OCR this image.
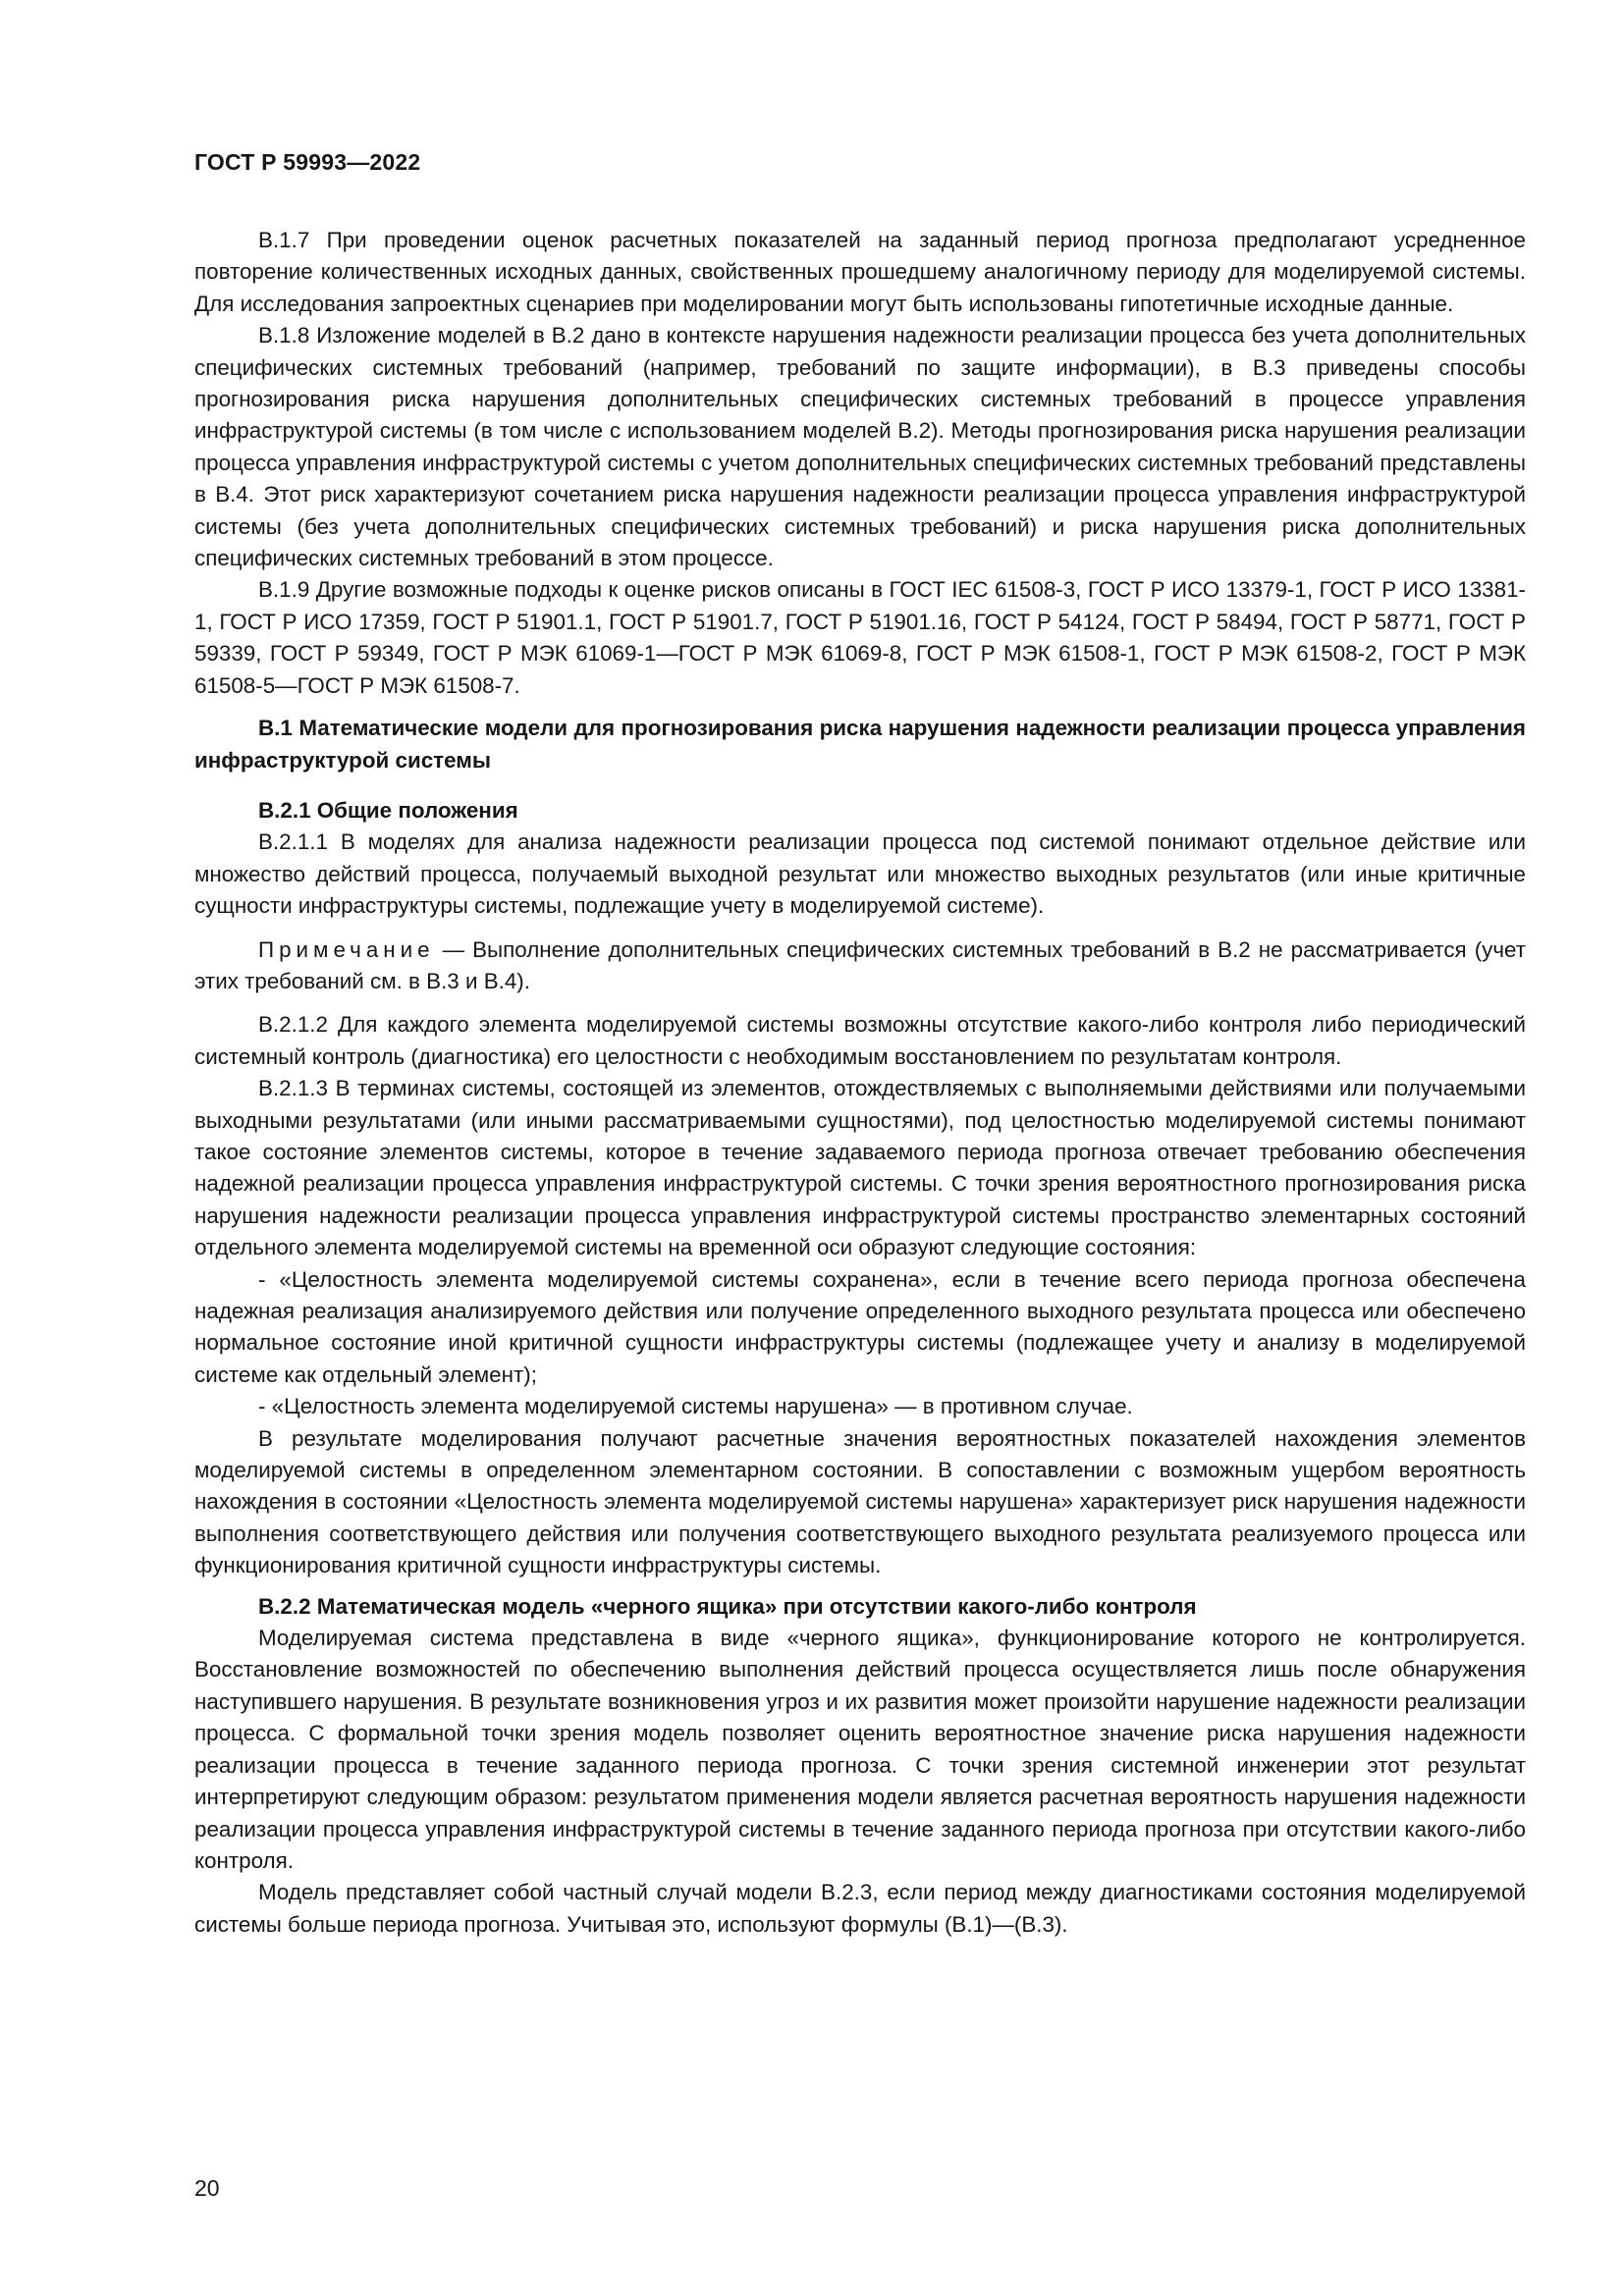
ГОСТ Р 59993—2022

В.1.7 При проведении оценок расчетных показателей на заданный период прогноза предполагают усредненное повторение количественных исходных данных, свойственных прошедшему аналогичному периоду для моделируемой системы. Для исследования запроектных сценариев при моделировании могут быть использованы гипотетичные исходные данные.

В.1.8 Изложение моделей в В.2 дано в контексте нарушения надежности реализации процесса без учета дополнительных специфических системных требований (например, требований по защите информации), в В.3 приведены способы прогнозирования риска нарушения дополнительных специфических системных требований в процессе управления инфраструктурой системы (в том числе с использованием моделей В.2). Методы прогнозирования риска нарушения реализации процесса управления инфраструктурой системы с учетом дополнительных специфических системных требований представлены в В.4. Этот риск характеризуют сочетанием риска нарушения надежности реализации процесса управления инфраструктурой системы (без учета дополнительных специфических системных требований) и риска нарушения риска дополнительных специфических системных требований в этом процессе.

В.1.9 Другие возможные подходы к оценке рисков описаны в ГОСТ IEC 61508-3, ГОСТ Р ИСО 13379-1, ГОСТ Р ИСО 13381-1, ГОСТ Р ИСО 17359, ГОСТ Р 51901.1, ГОСТ Р 51901.7, ГОСТ Р 51901.16, ГОСТ Р 54124, ГОСТ Р 58494, ГОСТ Р 58771, ГОСТ Р 59339, ГОСТ Р 59349, ГОСТ Р МЭК 61069-1—ГОСТ Р МЭК 61069-8, ГОСТ Р МЭК 61508-1, ГОСТ Р МЭК 61508-2, ГОСТ Р МЭК 61508-5—ГОСТ Р МЭК 61508-7.

В.1 Математические модели для прогнозирования риска нарушения надежности реализации процесса управления инфраструктурой системы

В.2.1 Общие положения

В.2.1.1 В моделях для анализа надежности реализации процесса под системой понимают отдельное действие или множество действий процесса, получаемый выходной результат или множество выходных результатов (или иные критичные сущности инфраструктуры системы, подлежащие учету в моделируемой системе).

Примечание — Выполнение дополнительных специфических системных требований в В.2 не рассматривается (учет этих требований см. в В.3 и В.4).

В.2.1.2 Для каждого элемента моделируемой системы возможны отсутствие какого-либо контроля либо периодический системный контроль (диагностика) его целостности с необходимым восстановлением по результатам контроля.

В.2.1.3 В терминах системы, состоящей из элементов, отождествляемых с выполняемыми действиями или получаемыми выходными результатами (или иными рассматриваемыми сущностями), под целостностью моделируемой системы понимают такое состояние элементов системы, которое в течение задаваемого периода прогноза отвечает требованию обеспечения надежной реализации процесса управления инфраструктурой системы. С точки зрения вероятностного прогнозирования риска нарушения надежности реализации процесса управления инфраструктурой системы пространство элементарных состояний отдельного элемента моделируемой системы на временной оси образуют следующие состояния:

- «Целостность элемента моделируемой системы сохранена», если в течение всего периода прогноза обеспечена надежная реализация анализируемого действия или получение определенного выходного результата процесса или обеспечено нормальное состояние иной критичной сущности инфраструктуры системы (подлежащее учету и анализу в моделируемой системе как отдельный элемент);

- «Целостность элемента моделируемой системы нарушена» — в противном случае.

В результате моделирования получают расчетные значения вероятностных показателей нахождения элементов моделируемой системы в определенном элементарном состоянии. В сопоставлении с возможным ущербом вероятность нахождения в состоянии «Целостность элемента моделируемой системы нарушена» характеризует риск нарушения надежности выполнения соответствующего действия или получения соответствующего выходного результата реализуемого процесса или функционирования критичной сущности инфраструктуры системы.

В.2.2 Математическая модель «черного ящика» при отсутствии какого-либо контроля

Моделируемая система представлена в виде «черного ящика», функционирование которого не контролируется. Восстановление возможностей по обеспечению выполнения действий процесса осуществляется лишь после обнаружения наступившего нарушения. В результате возникновения угроз и их развития может произойти нарушение надежности реализации процесса. С формальной точки зрения модель позволяет оценить вероятностное значение риска нарушения надежности реализации процесса в течение заданного периода прогноза. С точки зрения системной инженерии этот результат интерпретируют следующим образом: результатом применения модели является расчетная вероятность нарушения надежности реализации процесса управления инфраструктурой системы в течение заданного периода прогноза при отсутствии какого-либо контроля.

Модель представляет собой частный случай модели В.2.3, если период между диагностиками состояния моделируемой системы больше периода прогноза. Учитывая это, используют формулы (В.1)—(В.3).

20
